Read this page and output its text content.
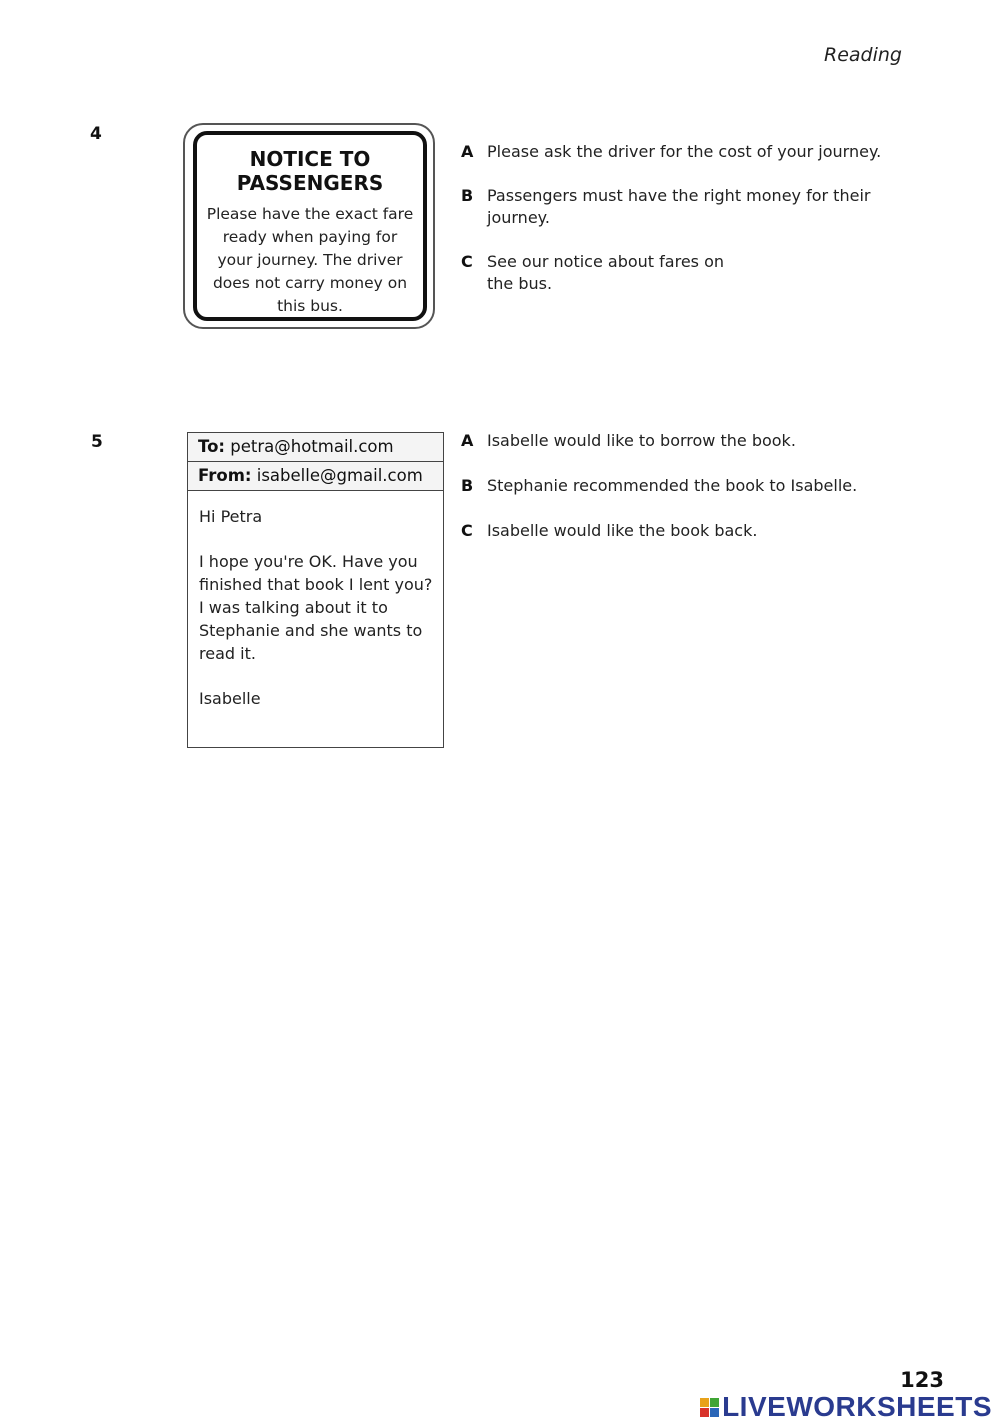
Reading
4
NOTICE TO
PASSENGERS
Please have the exact fare ready when paying for your journey. The driver does not carry money on this bus.
A Please ask the driver for the cost of your journey.
B Passengers must have the right money for their journey.
C See our notice about fares on the bus.
5	To: petra@hotmail.com
From: isabelle@gmail.com

Hi Petra

I hope you're OK. Have you finished that book I lent you? I was talking about it to Stephanie and she wants to read it.

Isabelle

A Isabelle would like to borrow the book.
B Stephanie recommended the book to Isabelle.
C Isabelle would like the book back.
123
LIVEWORKSHEETS
